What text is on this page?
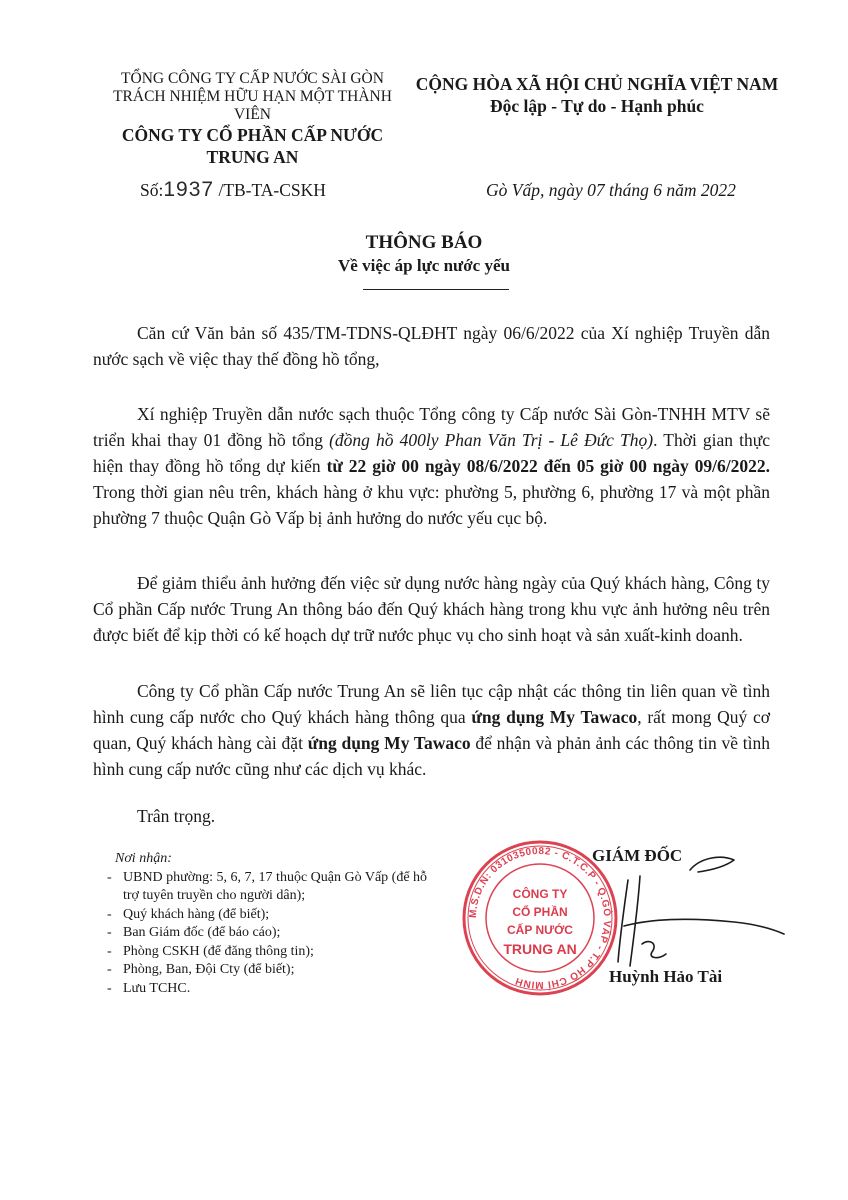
TỔNG CÔNG TY CẤP NƯỚC SÀI GÒN
TRÁCH NHIỆM HỮU HẠN MỘT THÀNH VIÊN
CÔNG TY CỔ PHẦN CẤP NƯỚC
TRUNG AN
CỘNG HÒA XÃ HỘI CHỦ NGHĨA VIỆT NAM
Độc lập - Tự do - Hạnh phúc
Số:1937 /TB-TA-CSKH	Gò Vấp, ngày 07 tháng 6 năm 2022
THÔNG BÁO
Về việc áp lực nước yếu
Căn cứ Văn bản số 435/TM-TDNS-QLĐHT ngày 06/6/2022 của Xí nghiệp Truyền dẫn nước sạch về việc thay thế đồng hồ tổng,
Xí nghiệp Truyền dẫn nước sạch thuộc Tổng công ty Cấp nước Sài Gòn-TNHH MTV sẽ triển khai thay 01 đồng hồ tổng (đồng hồ 400ly Phan Văn Trị - Lê Đức Thọ). Thời gian thực hiện thay đồng hồ tổng dự kiến từ 22 giờ 00 ngày 08/6/2022 đến 05 giờ 00 ngày 09/6/2022. Trong thời gian nêu trên, khách hàng ở khu vực: phường 5, phường 6, phường 17 và một phần phường 7 thuộc Quận Gò Vấp bị ảnh hưởng do nước yếu cục bộ.
Để giảm thiểu ảnh hưởng đến việc sử dụng nước hàng ngày của Quý khách hàng, Công ty Cổ phần Cấp nước Trung An thông báo đến Quý khách hàng trong khu vực ảnh hưởng nêu trên được biết để kịp thời có kế hoạch dự trữ nước phục vụ cho sinh hoạt và sản xuất-kinh doanh.
Công ty Cổ phần Cấp nước Trung An sẽ liên tục cập nhật các thông tin liên quan về tình hình cung cấp nước cho Quý khách hàng thông qua ứng dụng My Tawaco, rất mong Quý cơ quan, Quý khách hàng cài đặt ứng dụng My Tawaco để nhận và phản ảnh các thông tin về tình hình cung cấp nước cũng như các dịch vụ khác.
Trân trọng.
Nơi nhận:
- UBND phường: 5, 6, 7, 17 thuộc Quận Gò Vấp (để hỗ trợ tuyên truyền cho người dân);
- Quý khách hàng (để biết);
- Ban Giám đốc (để báo cáo);
- Phòng CSKH (để đăng thông tin);
- Phòng, Ban, Đội Cty (để biết);
- Lưu TCHC.
M.S.D.N: 0310350082 - C.T.C.P - Q.GÒ VẤP - T.P HỒ CHÍ MINH
CÔNG TY
CỔ PHẦN
CẤP NƯỚC
TRUNG AN
GIÁM ĐỐC
Huỳnh Hảo Tài
